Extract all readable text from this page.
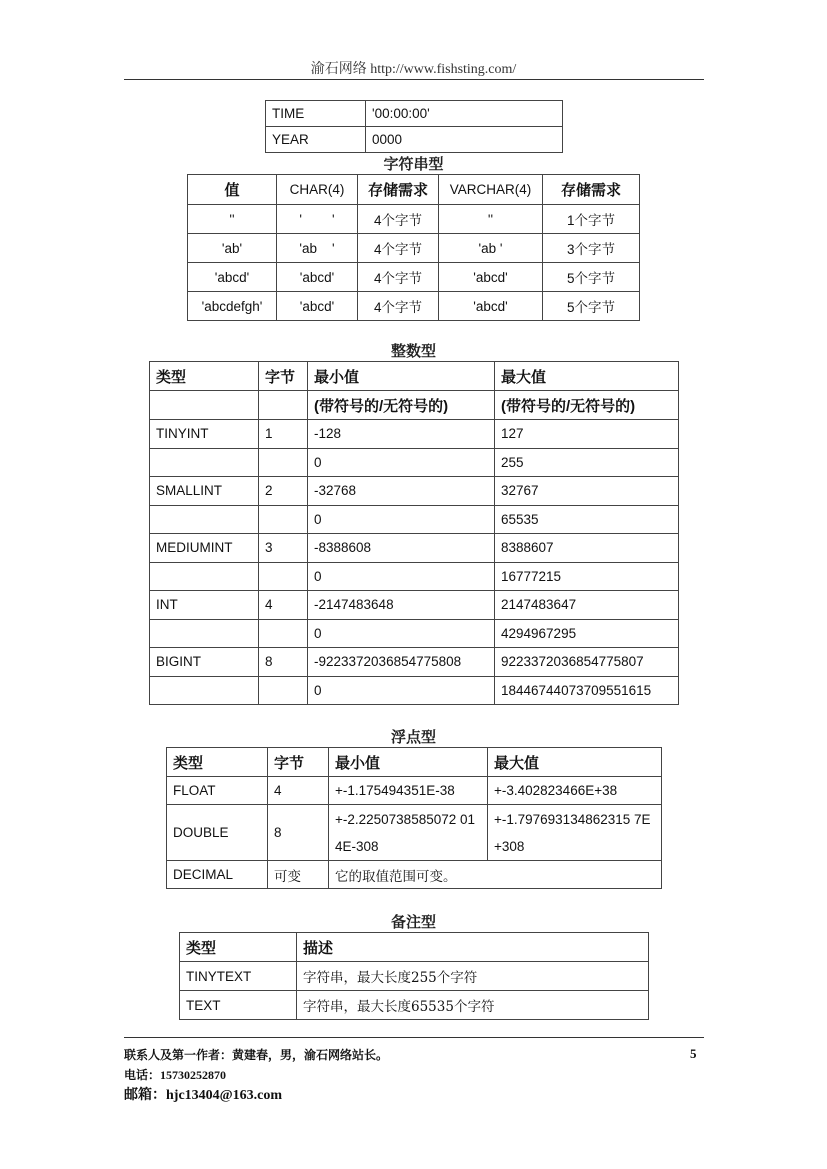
渝石网络 http://www.fishsting.com/
TIME	'00:00:00'
YEAR	0000
字符串型
值	CHAR(4)	存储需求	VARCHAR(4)	存储需求
''	'        '	4个字节	''	1个字节
'ab'	'ab    '	4个字节	'ab '	3个字节
'abcd'	'abcd'	4个字节	'abcd'	5个字节
'abcdefgh'	'abcd'	4个字节	'abcd'	5个字节
整数型
类型	字节	最小值	最大值
		(带符号的/无符号的)	(带符号的/无符号的)
TINYINT	1	-128	127
		0	255
SMALLINT	2	-32768	32767
		0	65535
MEDIUMINT	3	-8388608	8388607
		0	16777215
INT	4	-2147483648	2147483647
		0	4294967295
BIGINT	8	-9223372036854775808	9223372036854775807
		0	18446744073709551615
浮点型
类型	字节	最小值	最大值
FLOAT	4	+-1.175494351E-38	+-3.402823466E+38
DOUBLE	8	+-2.2250738585072 014E-308	+-1.797693134862315 7E+308
DECIMAL	可变	它的取值范围可变。	
备注型
类型	描述
TINYTEXT	字符串，最大长度255个字符
TEXT	字符串，最大长度65535个字符
联系人及第一作者：黄建春，男，渝石网络站长。	5
电话：15730252870
邮箱：hjc13404@163.com
